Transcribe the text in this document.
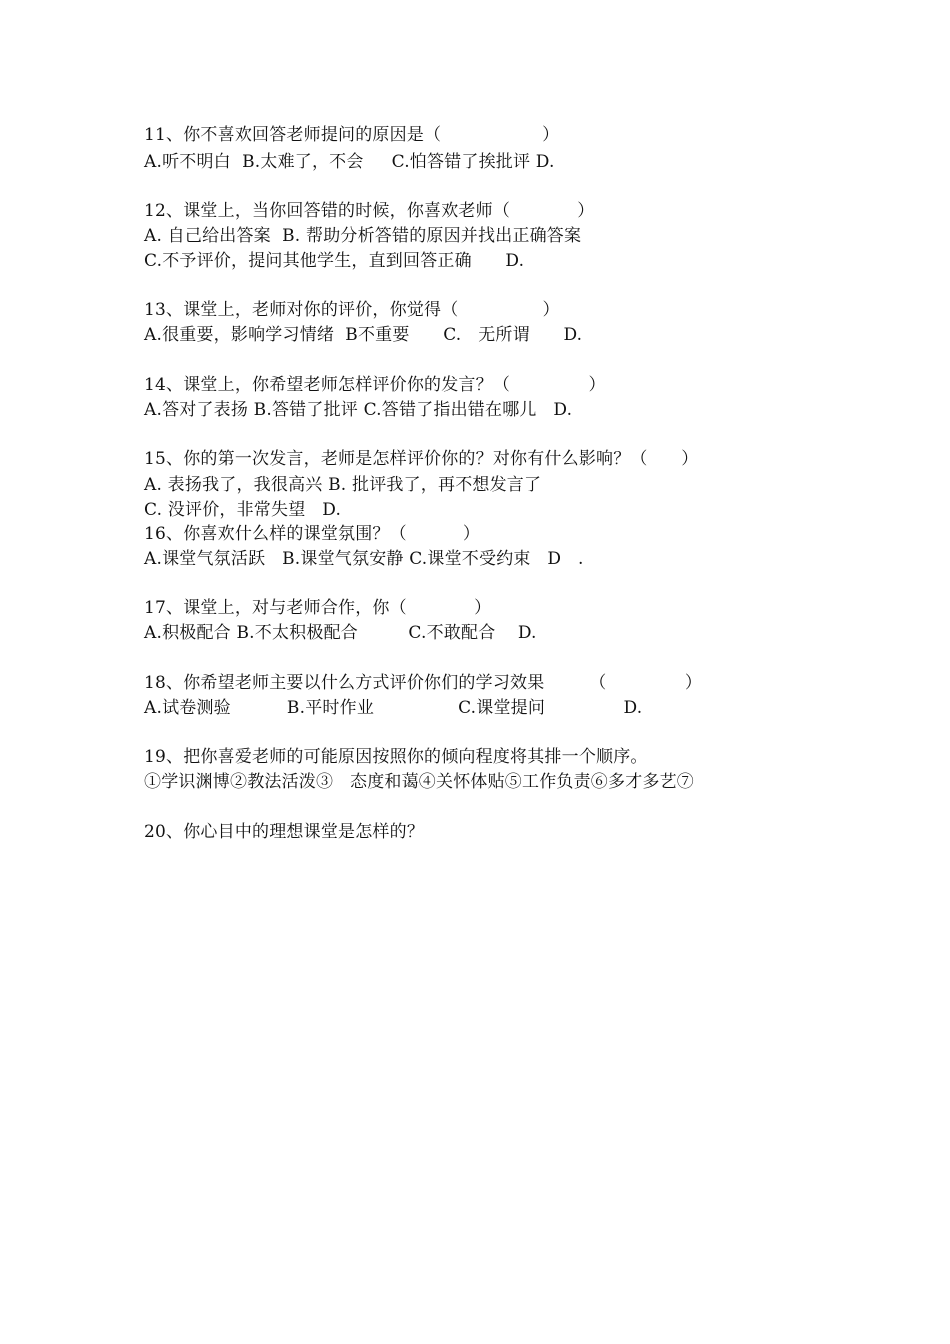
11、你不喜欢回答老师提问的原因是（                  ）
A.听不明白  B.太难了，不会     C.怕答错了挨批评 D.
12、课堂上，当你回答错的时候，你喜欢老师（            ）
A. 自己给出答案  B. 帮助分析答错的原因并找出正确答案
C.不予评价，提问其他学生，直到回答正确      D.
13、课堂上，老师对你的评价，你觉得（               ）
A.很重要，影响学习情绪  B不重要      C.   无所谓      D.
14、课堂上，你希望老师怎样评价你的发言？（              ）
A.答对了表扬 B.答错了批评 C.答错了指出错在哪儿   D.
15、你的第一次发言，老师是怎样评价你的？对你有什么影响？（      ）
A. 表扬我了，我很高兴 B. 批评我了，再不想发言了
C. 没评价，非常失望   D.
16、你喜欢什么样的课堂氛围？（          ）
A.课堂气氛活跃   B.课堂气氛安静 C.课堂不受约束   D   .
17、课堂上，对与老师合作，你（            ）
A.积极配合 B.不太积极配合         C.不敢配合    D.
18、你希望老师主要以什么方式评价你们的学习效果        （              ）
A.试卷测验          B.平时作业               C.课堂提问              D.
19、把你喜爱老师的可能原因按照你的倾向程度将其排一个顺序。
①学识渊博②教法活泼③   态度和蔼④关怀体贴⑤工作负责⑥多才多艺⑦
20、你心目中的理想课堂是怎样的？
